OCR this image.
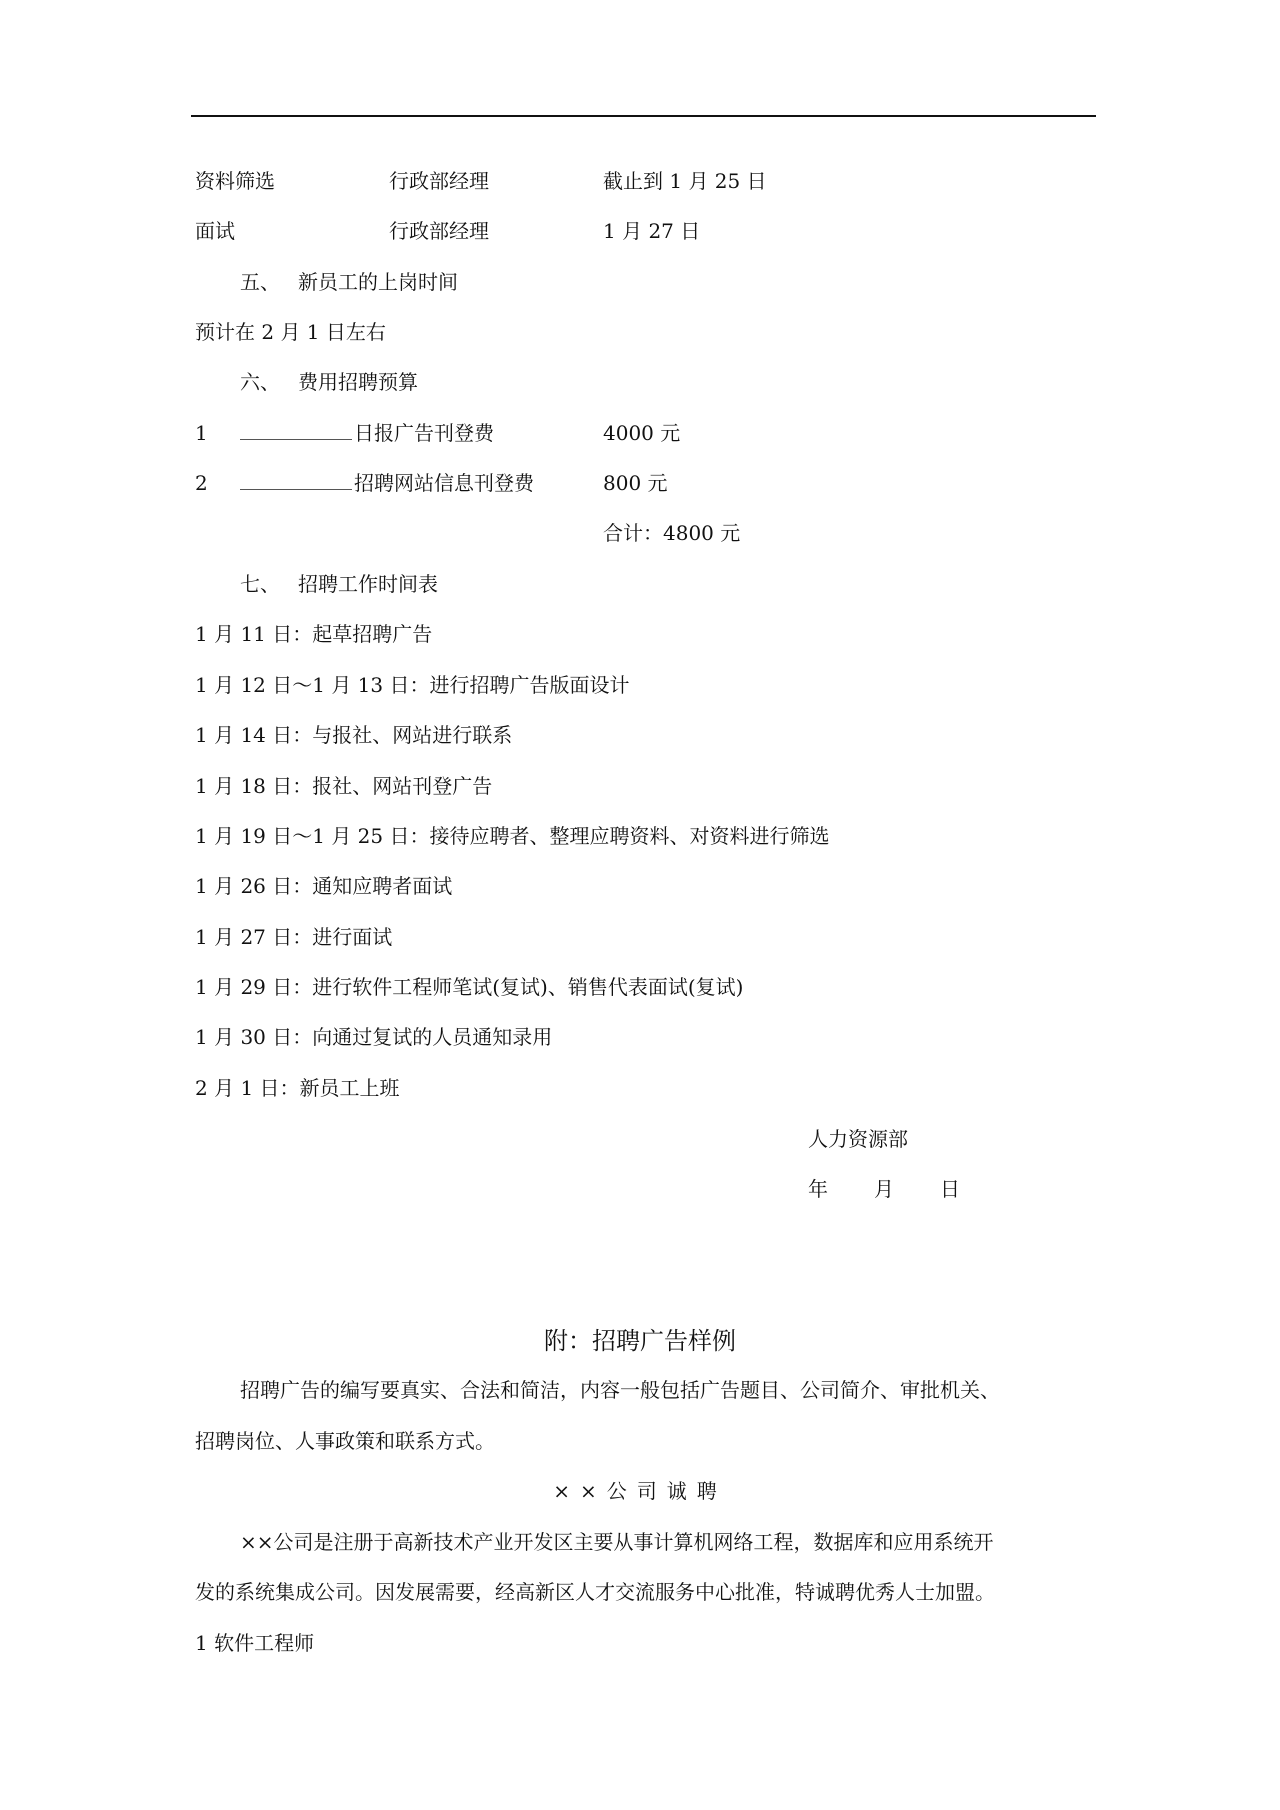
资料筛选	行政部经理	截止到 1 月 25 日
面试	行政部经理	1 月 27 日
五、 新员工的上岗时间
预计在 2 月 1 日左右
六、 费用招聘预算
1	日报广告刊登费	4000 元
2	招聘网站信息刊登费	800 元
合计：4800 元
七、 招聘工作时间表
1 月 11 日：起草招聘广告
1 月 12 日～1 月 13 日：进行招聘广告版面设计
1 月 14 日：与报社、网站进行联系
1 月 18 日：报社、网站刊登广告
1 月 19 日～1 月 25 日：接待应聘者、整理应聘资料、对资料进行筛选
1 月 26 日：通知应聘者面试
1 月 27 日：进行面试
1 月 29 日：进行软件工程师笔试(复试)、销售代表面试(复试)
1 月 30 日：向通过复试的人员通知录用
2 月 1 日：新员工上班
人力资源部
年　　月　　日
附：招聘广告样例
招聘广告的编写要真实、合法和简洁，内容一般包括广告题目、公司简介、审批机关、
招聘岗位、人事政策和联系方式。
××公司诚聘
××公司是注册于高新技术产业开发区主要从事计算机网络工程，数据库和应用系统开
发的系统集成公司。因发展需要，经高新区人才交流服务中心批准，特诚聘优秀人士加盟。
1 软件工程师
